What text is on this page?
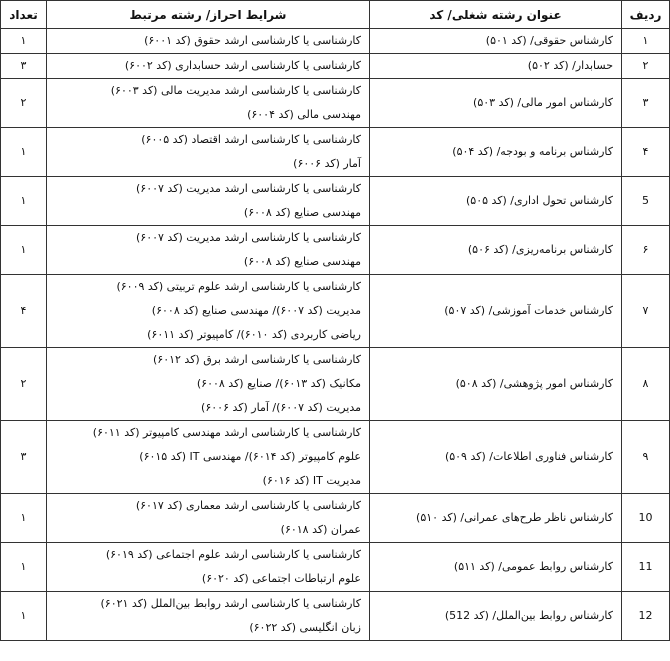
ردیف	عنوان رشته شغلی/ کد	شرایط احراز/ رشته مرتبط	تعداد
۱	کارشناس حقوقی/ (کد ۵۰۱)	کارشناسی یا کارشناسی ارشد حقوق (کد ۶۰۰۱)	۱
۲	حسابدار/ (کد ۵۰۲)	کارشناسی یا کارشناسی ارشد حسابداری (کد ۶۰۰۲)	۳
۳	کارشناس امور مالی/ (کد ۵۰۳)	کارشناسی یا کارشناسی ارشد مدیریت مالی (کد ۶۰۰۳)
مهندسی مالی (کد ۶۰۰۴)	۲
۴	کارشناس برنامه و بودجه/ (کد ۵۰۴)	کارشناسی یا کارشناسی ارشد اقتصاد (کد ۶۰۰۵)
آمار (کد ۶۰۰۶)	۱
5	کارشناس تحول اداری/ (کد ۵۰۵)	کارشناسی یا کارشناسی ارشد مدیریت (کد ۶۰۰۷)
مهندسی صنایع (کد ۶۰۰۸)	۱
۶	کارشناس برنامه‌ریزی/ (کد ۵۰۶)	کارشناسی یا کارشناسی ارشد مدیریت (کد ۶۰۰۷)
مهندسی صنایع (کد ۶۰۰۸)	۱
۷	کارشناس خدمات آموزشی/ (کد ۵۰۷)	کارشناسی یا کارشناسی ارشد علوم تربیتی (کد ۶۰۰۹)
مدیریت (کد ۶۰۰۷)/ مهندسی صنایع (کد ۶۰۰۸)
ریاضی کاربردی (کد ۶۰۱۰)/ کامپیوتر (کد ۶۰۱۱)	۴
۸	کارشناس امور پژوهشی/ (کد ۵۰۸)	کارشناسی یا کارشناسی ارشد برق (کد ۶۰۱۲)
مکانیک (کد ۶۰۱۳)/ صنایع (کد ۶۰۰۸)
مدیریت (کد ۶۰۰۷)/ آمار (کد ۶۰۰۶)	۲
۹	کارشناس فناوری اطلاعات/ (کد ۵۰۹)	کارشناسی یا کارشناسی ارشد مهندسی کامپیوتر (کد ۶۰۱۱)
علوم کامپیوتر (کد ۶۰۱۴)/ مهندسی IT (کد ۶۰۱۵)
مدیریت IT (کد ۶۰۱۶)	۳
10	کارشناس ناظر طرح‌های عمرانی/ (کد ۵۱۰)	کارشناسی یا کارشناسی ارشد معماری (کد ۶۰۱۷)
عمران (کد ۶۰۱۸)	۱
11	کارشناس روابط عمومی/ (کد ۵۱۱)	کارشناسی یا کارشناسی ارشد علوم اجتماعی (کد ۶۰۱۹)
علوم ارتباطات اجتماعی (کد ۶۰۲۰)	۱
12	کارشناس روابط بین‌الملل/ (کد 512)	کارشناسی یا کارشناسی ارشد روابط بین‌الملل (کد ۶۰۲۱)
زبان انگلیسی (کد ۶۰۲۲)	۱
